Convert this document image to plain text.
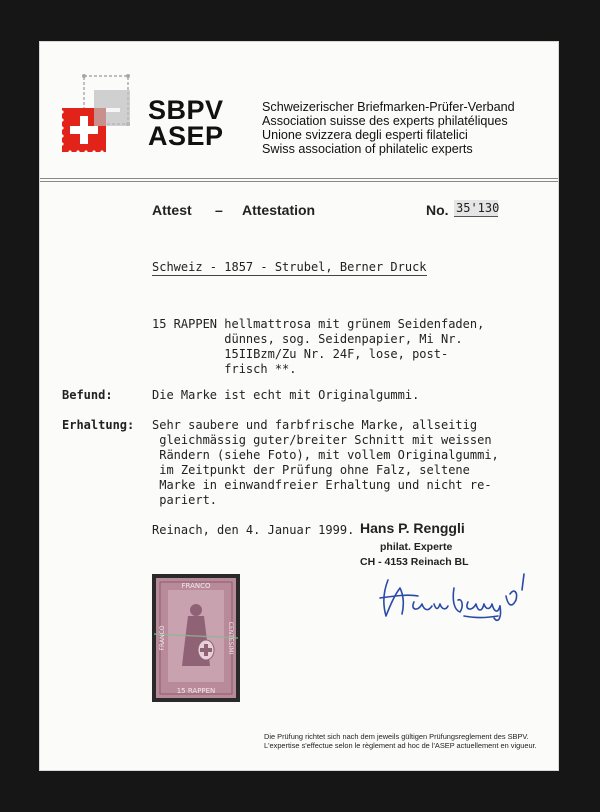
SBPV
ASEP
Schweizerischer Briefmarken-Prüfer-Verband
Association suisse des experts philatéliques
Unione svizzera degli esperti filatelici
Swiss association of philatelic experts
Attest – Attestation	No. 35'130
Schweiz - 1857 - Strubel, Berner Druck
15 RAPPEN hellmattrosa mit grünem Seidenfaden,
dünnes, sog. Seidenpapier, Mi Nr.
15IIBzm/Zu Nr. 24F, lose, post-
frisch **.
Befund:	Die Marke ist echt mit Originalgummi.
Erhaltung: Sehr saubere und farbfrische Marke, allseitig
gleichmässig guter/breiter Schnitt mit weissen
Rändern (siehe Foto), mit vollem Originalgummi,
im Zeitpunkt der Prüfung ohne Falz, seltene
Marke in einwandfreier Erhaltung und nicht re-
pariert.
Reinach, den 4. Januar 1999. Hans P. Renggli
philat. Experte
CH - 4153 Reinach BL
FRANCO
15 RAPPEN
FRANCO	CENTESIMI
Die Prüfung richtet sich nach dem jeweils gültigen Prüfungsreglement des SBPV.
L'expertise s'effectue selon le règlement ad hoc de l'ASEP actuellement en vigueur.
